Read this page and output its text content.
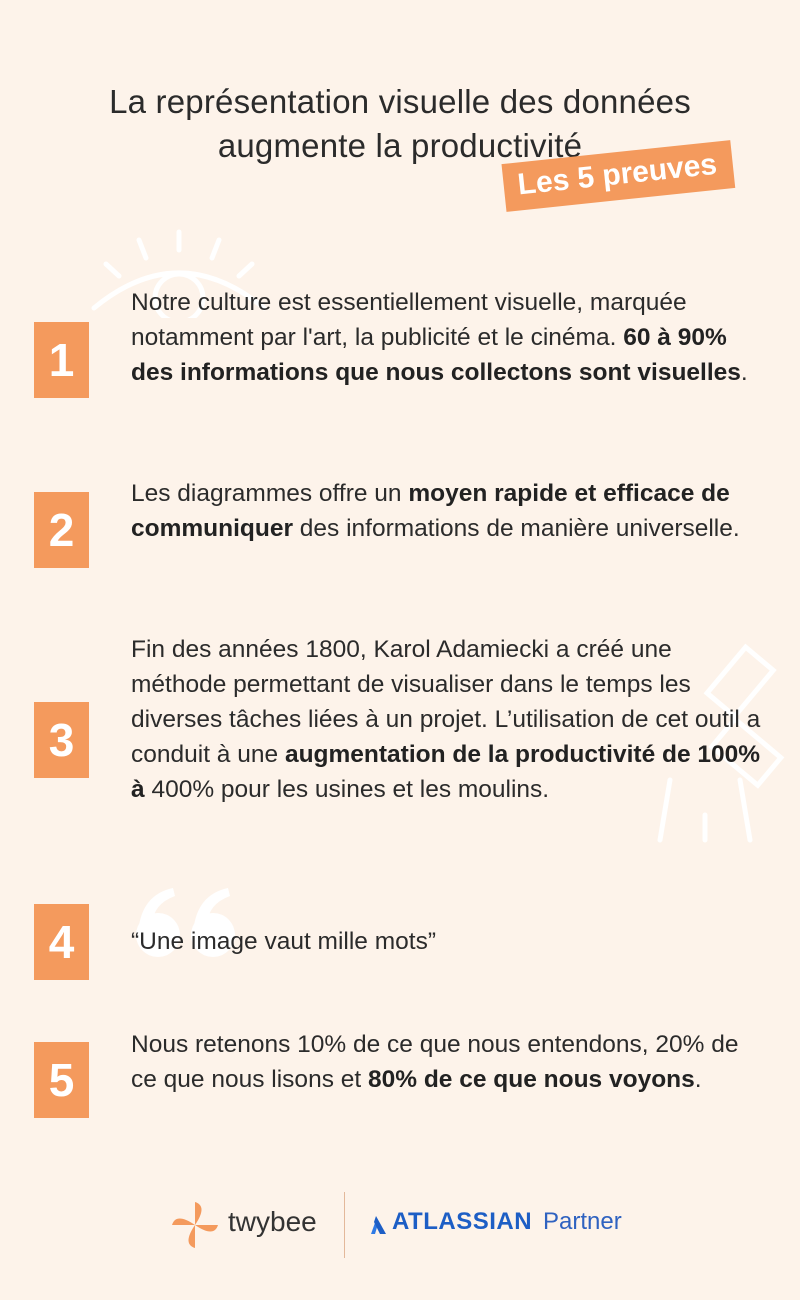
La représentation visuelle des données
augmente la productivité
Les 5 preuves
1

Notre culture est essentiellement visuelle, marquée notamment par l'art, la publicité et le cinéma. 60 à 90% des informations que nous collectons sont visuelles.

2

Les diagrammes offre un moyen rapide et efficace de communiquer des informations de manière universelle.

3

Fin des années 1800, Karol Adamiecki a créé une méthode permettant de visualiser dans le temps les diverses tâches liées à un projet. L’utilisation de cet outil a conduit à une augmentation de la productivité de 100% à 400% pour les usines et les moulins.

4	“Une image vaut mille mots”

5

Nous retenons 10% de ce que nous entendons, 20% de ce que nous lisons et 80% de ce que nous voyons.

twybee	ATLASSIAN Partner
